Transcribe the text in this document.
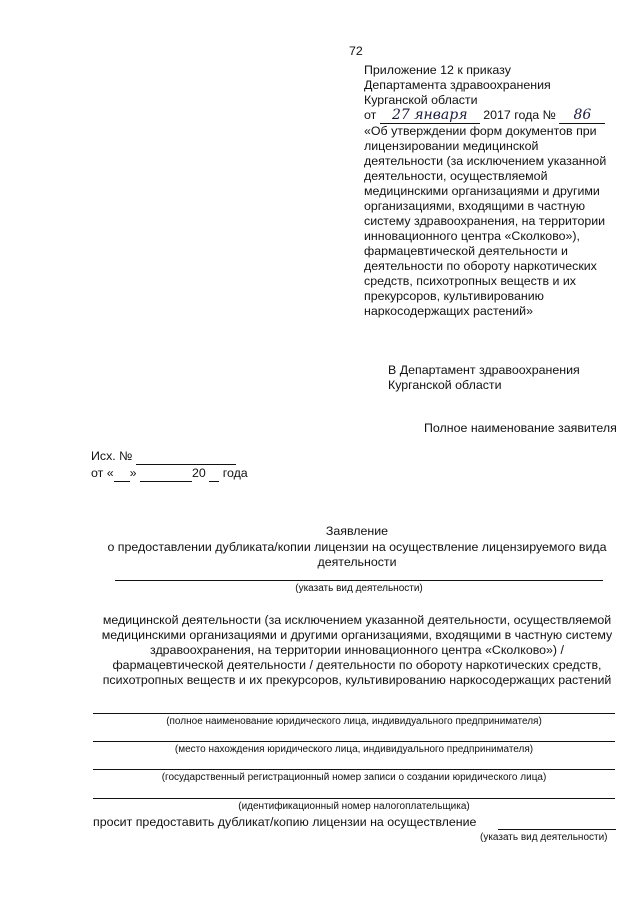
72
Приложение 12 к приказу
Департамента здравоохранения
Курганской области
от 27 января 2017 года № 86
«Об утверждении форм документов при
лицензировании медицинской
деятельности (за исключением указанной
деятельности, осуществляемой
медицинскими организациями и другими
организациями, входящими в частную
систему здравоохранения, на территории
инновационного центра «Сколково»),
фармацевтической деятельности и
деятельности по обороту наркотических
средств, психотропных веществ и их
прекурсоров, культивированию
наркосодержащих растений»
В Департамент здравоохранения
Курганской области
Полное наименование заявителя
Исх. №
от « »	20 года
Заявление
о предоставлении дубликата/копии лицензии на осуществление лицензируемого вида
деятельности
(указать вид деятельности)
медицинской деятельности (за исключением указанной деятельности, осуществляемой
медицинскими организациями и другими организациями, входящими в частную систему
здравоохранения, на территории инновационного центра «Сколково») /
фармацевтической деятельности / деятельности по обороту наркотических средств,
психотропных веществ и их прекурсоров, культивированию наркосодержащих растений
(полное наименование юридического лица, индивидуального предпринимателя)
(место нахождения юридического лица, индивидуального предпринимателя)
(государственный регистрационный номер записи о создании юридического лица)
(идентификационный номер налогоплательщика)
просит предоставить дубликат/копию лицензии на осуществление
(указать вид деятельности)
